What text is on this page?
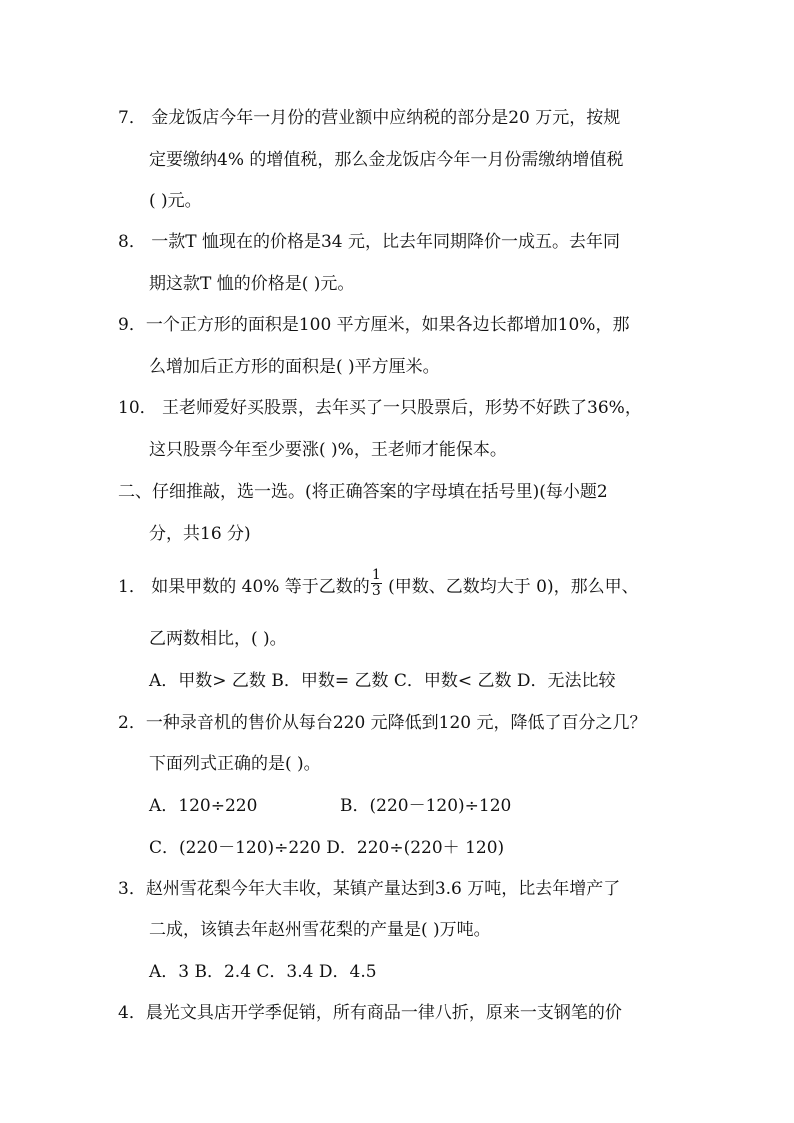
7． 金龙饭店今年一月份的营业额中应纳税的部分是20 万元，按规
定要缴纳4% 的增值税，那么金龙饭店今年一月份需缴纳增值税
( )元。
8． 一款T 恤现在的价格是34 元，比去年同期降价一成五。去年同
期这款T 恤的价格是( )元。
9．一个正方形的面积是100 平方厘米，如果各边长都增加10%，那
么增加后正方形的面积是( )平方厘米。
10． 王老师爱好买股票，去年买了一只股票后，形势不好跌了36%，
这只股票今年至少要涨( )%，王老师才能保本。
二、仔细推敲，选一选。(将正确答案的字母填在括号里)(每小题2
分，共16 分)
1． 如果甲数的 40% 等于乙数的 $\frac{1}{3}$ (甲数、乙数均大于 0)，那么甲、
乙两数相比，( )。
A．甲数> 乙数 B．甲数= 乙数 C．甲数< 乙数 D．无法比较
2．一种录音机的售价从每台220 元降低到120 元，降低了百分之几？
下面列式正确的是( )。
A．120÷220	B．(220－120)÷120
C．(220－120)÷220 D．220÷(220＋ 120)
3．赵州雪花梨今年大丰收，某镇产量达到3.6 万吨，比去年增产了
二成，该镇去年赵州雪花梨的产量是( )万吨。
A．3 B．2.4 C．3.4 D．4.5
4．晨光文具店开学季促销，所有商品一律八折，原来一支钢笔的价
